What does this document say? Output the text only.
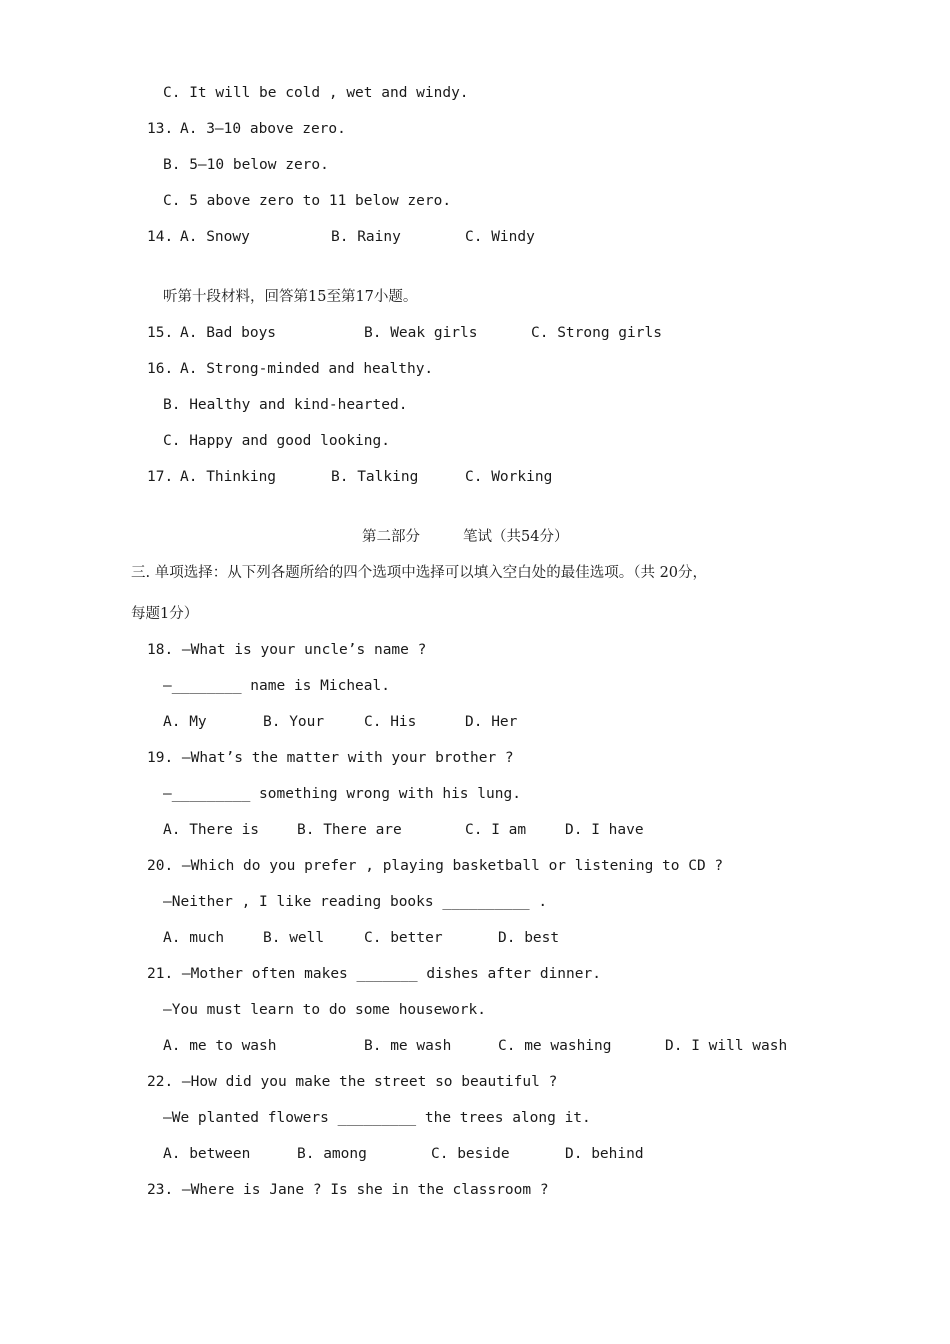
C. It will be cold , wet and windy.
13. A. 3—10 above zero.
B. 5—10 below zero.
C. 5 above zero to 11 below zero.
14. A. Snowy	B. Rainy	C. Windy
听第十段材料，回答第15至第17小题。
15. A. Bad boys	B. Weak girls	C. Strong girls
16. A. Strong-minded and healthy.
B. Healthy and kind-hearted.
C. Happy and good looking.
17. A. Thinking	B. Talking	C. Working
第二部分	笔试（共54分）
三. 单项选择：从下列各题所给的四个选项中选择可以填入空白处的最佳选项。（共 20分，
每题1分）
18. —What is your uncle’s name ?
—________ name is Micheal.
A. My	B. Your	C. His	D. Her
19. —What’s the matter with your brother ?
—_________ something wrong with his lung.
A. There is	B. There are	C. I am	D. I have
20. —Which do you prefer , playing basketball or listening to CD ?
—Neither , I like reading books __________ .
A. much	B. well	C. better	D. best
21. —Mother often makes _______ dishes after dinner.
—You must learn to do some housework.
A. me to wash	B. me wash	C. me washing	D. I will wash
22. —How did you make the street so beautiful ?
—We planted flowers _________ the trees along it.
A. between	B. among	C. beside	D. behind
23. —Where is Jane ? Is she in the classroom ?
